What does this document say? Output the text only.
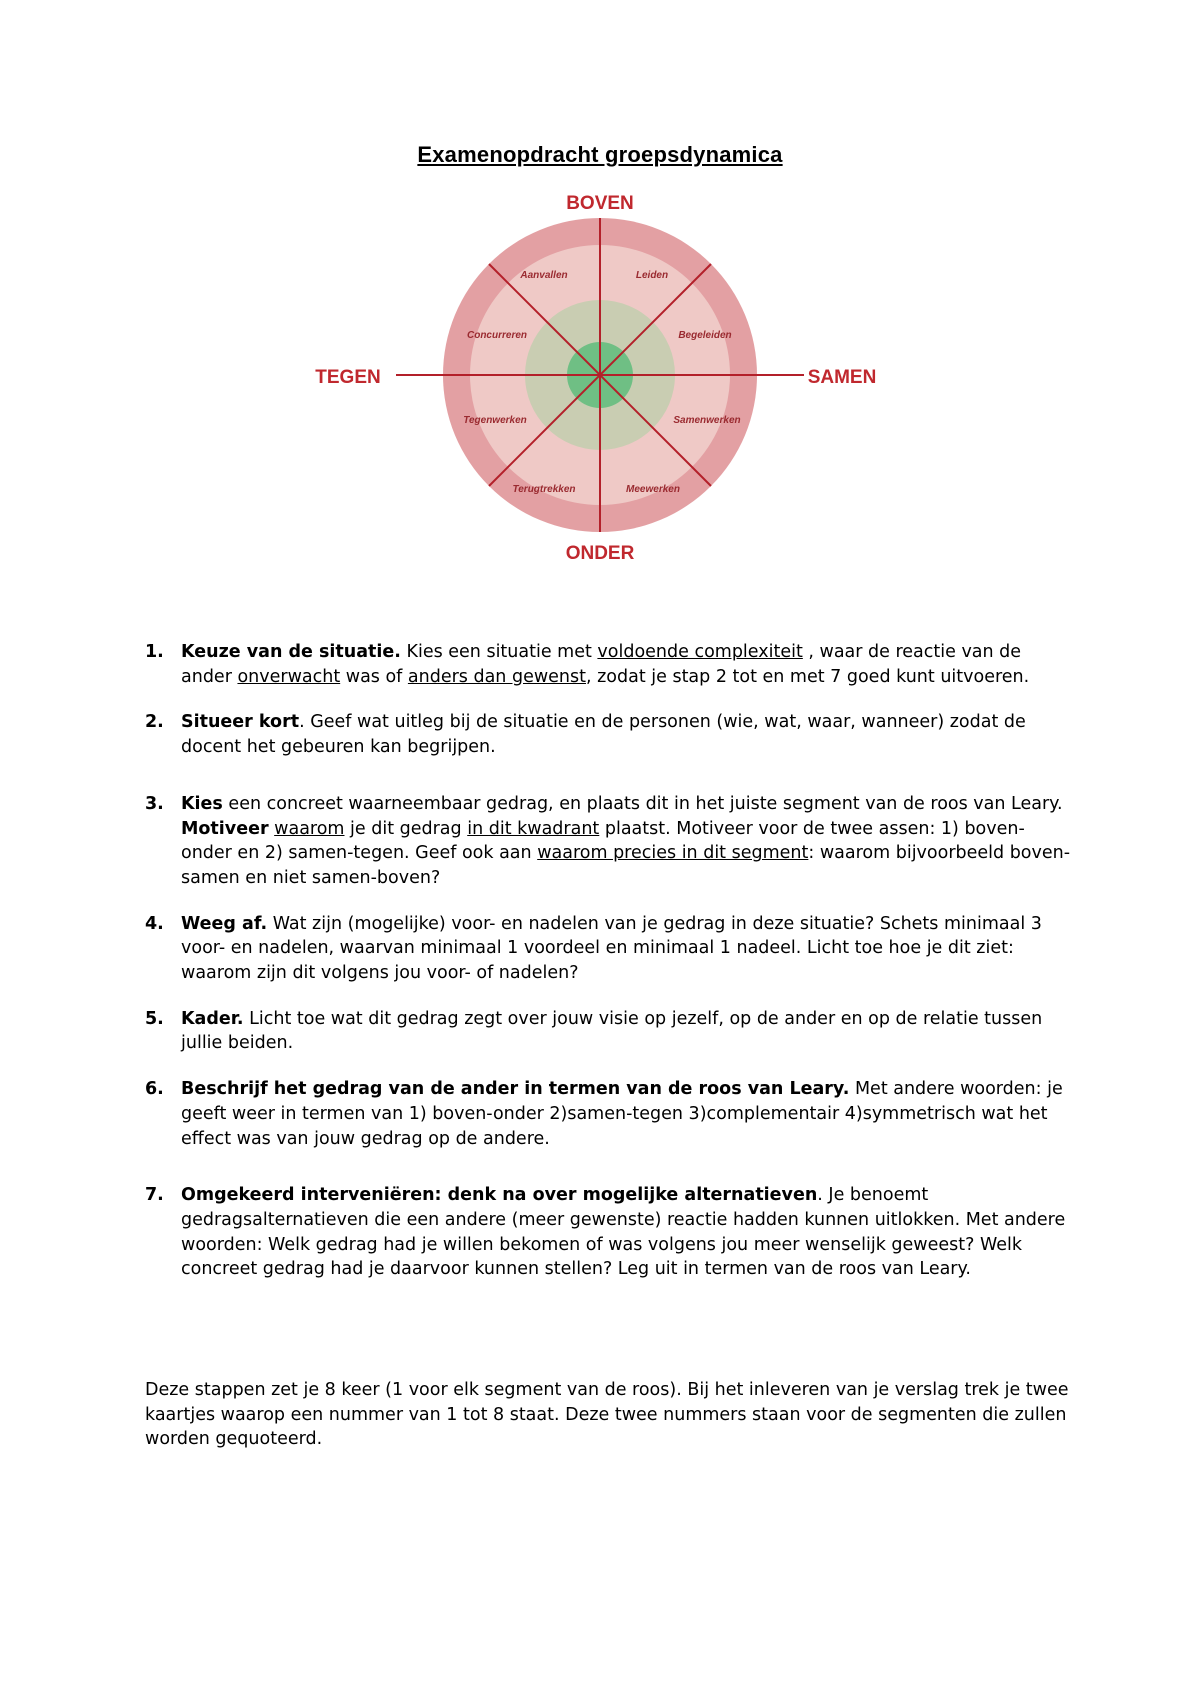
Examenopdracht groepsdynamica
BOVEN
ONDER
TEGEN	SAMEN
Aanvallen	Leiden
Concurreren	Begeleiden
Tegenwerken	Samenwerken
Terugtrekken	Meewerken
1. Keuze van de situatie. Kies een situatie met voldoende complexiteit , waar de reactie van de ander onverwacht was of anders dan gewenst, zodat je stap 2 tot en met 7 goed kunt uitvoeren.
2. Situeer kort. Geef wat uitleg bij de situatie en de personen (wie, wat, waar, wanneer) zodat de docent het gebeuren kan begrijpen.
3. Kies een concreet waarneembaar gedrag, en plaats dit in het juiste segment van de roos van Leary. Motiveer waarom je dit gedrag in dit kwadrant plaatst. Motiveer voor de twee assen: 1) boven-onder en 2) samen-tegen. Geef ook aan waarom precies in dit segment: waarom bijvoorbeeld boven-samen en niet samen-boven?
4. Weeg af. Wat zijn (mogelijke) voor- en nadelen van je gedrag in deze situatie? Schets minimaal 3 voor- en nadelen, waarvan minimaal 1 voordeel en minimaal 1 nadeel. Licht toe hoe je dit ziet: waarom zijn dit volgens jou voor- of nadelen?
5. Kader. Licht toe wat dit gedrag zegt over jouw visie op jezelf, op de ander en op de relatie tussen jullie beiden.
6. Beschrijf het gedrag van de ander in termen van de roos van Leary. Met andere woorden: je geeft weer in termen van 1) boven-onder 2)samen-tegen 3)complementair 4)symmetrisch wat het effect was van jouw gedrag op de andere.
7. Omgekeerd interveniëren: denk na over mogelijke alternatieven. Je benoemt gedragsalternatieven die een andere (meer gewenste) reactie hadden kunnen uitlokken. Met andere woorden: Welk gedrag had je willen bekomen of was volgens jou meer wenselijk geweest? Welk concreet gedrag had je daarvoor kunnen stellen? Leg uit in termen van de roos van Leary.

Deze stappen zet je 8 keer (1 voor elk segment van de roos). Bij het inleveren van je verslag trek je twee kaartjes waarop een nummer van 1 tot 8 staat. Deze twee nummers staan voor de segmenten die zullen worden gequoteerd.
